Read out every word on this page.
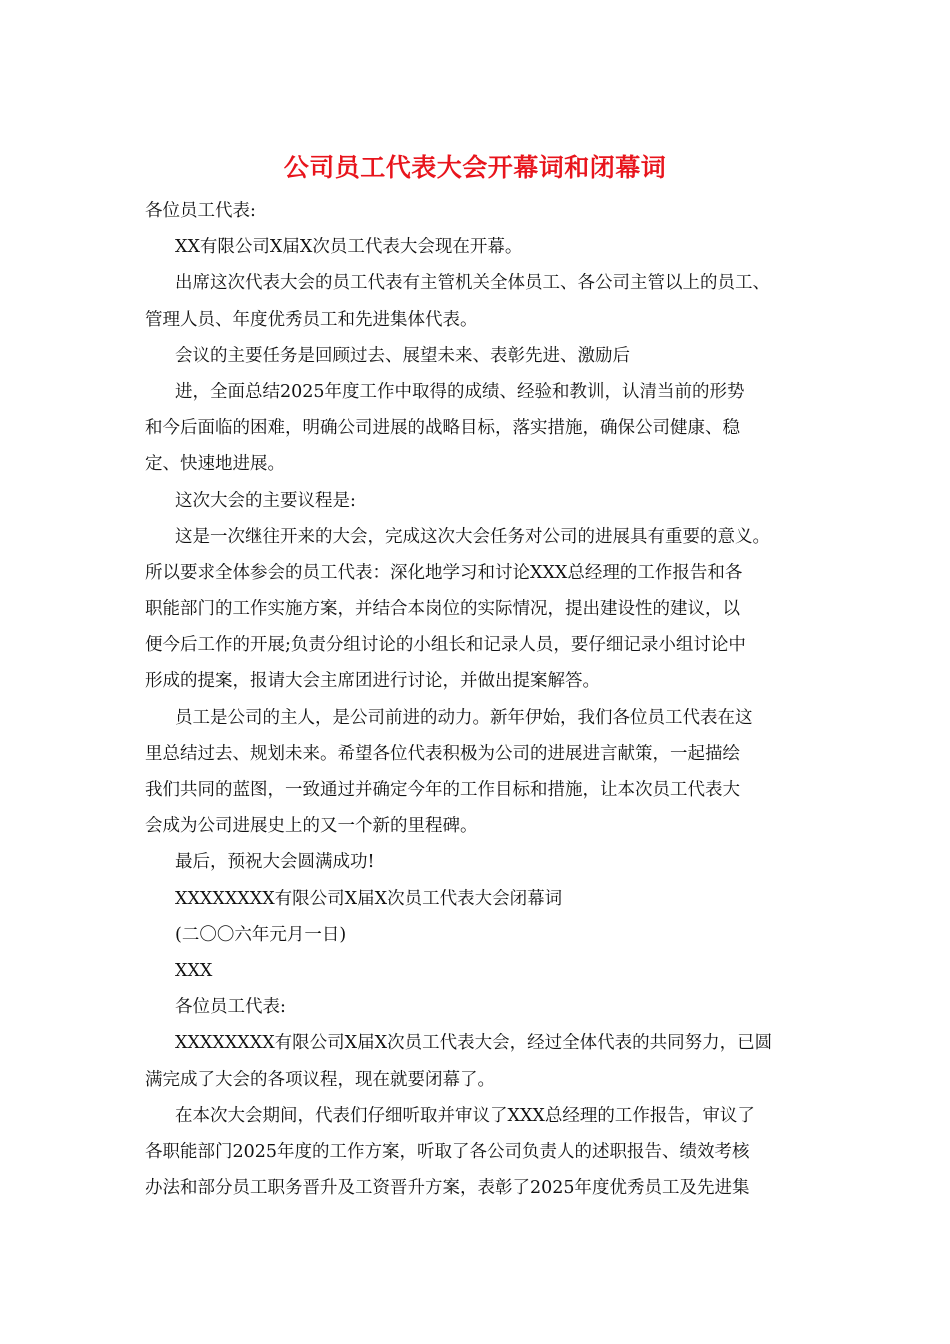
公司员工代表大会开幕词和闭幕词
各位员工代表:
XX有限公司X届X次员工代表大会现在开幕。
出席这次代表大会的员工代表有主管机关全体员工、各公司主管以上的员工、
管理人员、年度优秀员工和先进集体代表。
会议的主要任务是回顾过去、展望未来、表彰先进、激励后
进，全面总结2025年度工作中取得的成绩、经验和教训，认清当前的形势
和今后面临的困难，明确公司进展的战略目标，落实措施，确保公司健康、稳
定、快速地进展。
这次大会的主要议程是:
这是一次继往开来的大会，完成这次大会任务对公司的进展具有重要的意义。
所以要求全体参会的员工代表：深化地学习和讨论XXX总经理的工作报告和各
职能部门的工作实施方案，并结合本岗位的实际情况，提出建设性的建议，以
便今后工作的开展;负责分组讨论的小组长和记录人员，要仔细记录小组讨论中
形成的提案，报请大会主席团进行讨论，并做出提案解答。
员工是公司的主人，是公司前进的动力。新年伊始，我们各位员工代表在这
里总结过去、规划未来。希望各位代表积极为公司的进展进言献策，一起描绘
我们共同的蓝图，一致通过并确定今年的工作目标和措施，让本次员工代表大
会成为公司进展史上的又一个新的里程碑。
最后，预祝大会圆满成功!
XXXXXXXX有限公司X届X次员工代表大会闭幕词
(二〇〇六年元月一日)
XXX
各位员工代表:
XXXXXXXX有限公司X届X次员工代表大会，经过全体代表的共同努力，已圆
满完成了大会的各项议程，现在就要闭幕了。
在本次大会期间，代表们仔细听取并审议了XXX总经理的工作报告，审议了
各职能部门2025年度的工作方案，听取了各公司负责人的述职报告、绩效考核
办法和部分员工职务晋升及工资晋升方案，表彰了2025年度优秀员工及先进集
